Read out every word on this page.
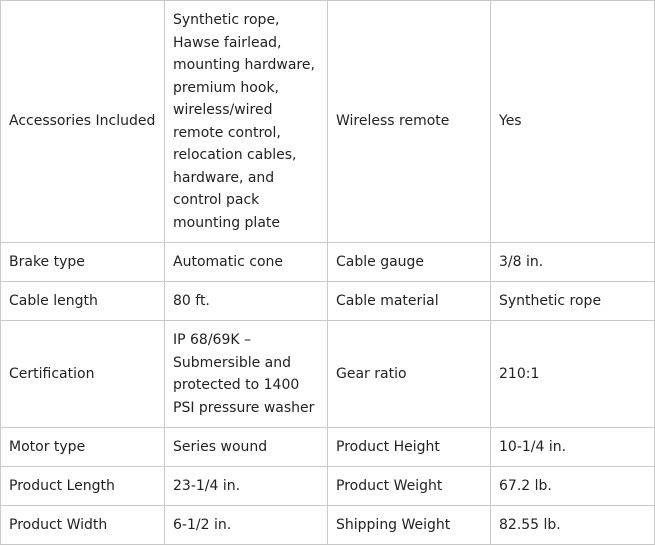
Accessories Included	Synthetic rope, Hawse fairlead, mounting hardware, premium hook, wireless/wired remote control, relocation cables, hardware, and control pack mounting plate	Wireless remote	Yes

Brake type	Automatic cone	Cable gauge	3/8 in.

Cable length	80 ft.	Cable material	Synthetic rope

Certification	IP 68/69K – Submersible and protected to 1400 PSI pressure washer	Gear ratio	210:1

Motor type	Series wound	Product Height	10-1/4 in.

Product Length	23-1/4 in.	Product Weight	67.2 lb.

Product Width	6-1/2 in.	Shipping Weight	82.55 lb.
